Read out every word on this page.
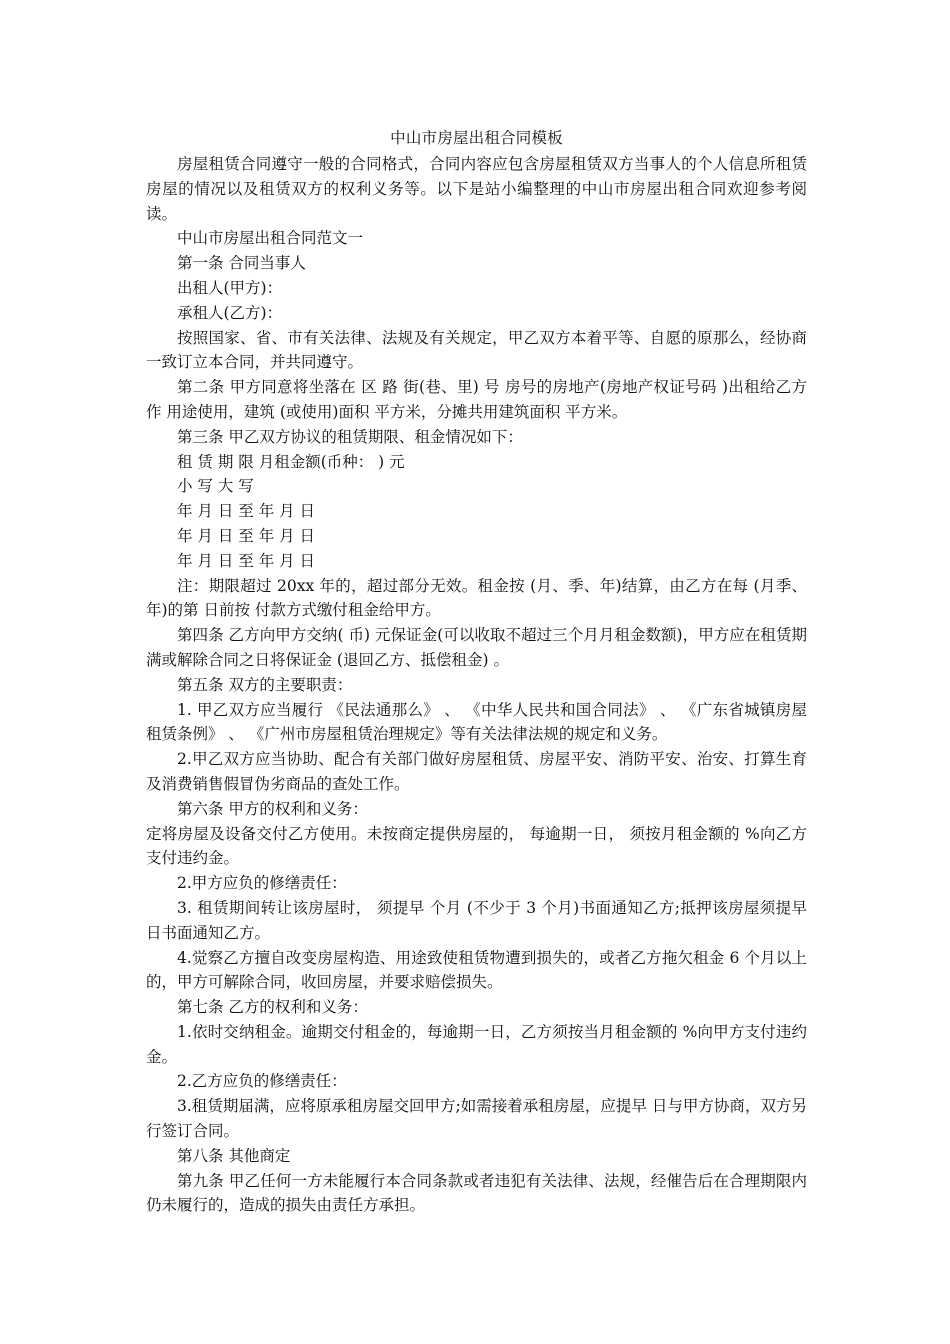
中山市房屋出租合同模板

房屋租赁合同遵守一般的合同格式，合同内容应包含房屋租赁双方当事人的个人信息所租赁房屋的情况以及租赁双方的权利义务等。以下是站小编整理的中山市房屋出租合同欢迎参考阅读。

中山市房屋出租合同范文一

第一条 合同当事人

出租人(甲方)：

承租人(乙方)：

按照国家、省、市有关法律、法规及有关规定，甲乙双方本着平等、自愿的原那么，经协商一致订立本合同，并共同遵守。

第二条 甲方同意将坐落在 区 路 街(巷、里) 号 房号的房地产(房地产权证号码 )出租给乙方作 用途使用，建筑 (或使用)面积 平方米，分摊共用建筑面积 平方米。

第三条 甲乙双方协议的租赁期限、租金情况如下：

租 赁 期 限 月租金额(币种： ) 元

小 写 大 写

年 月 日 至 年 月 日

年 月 日 至 年 月 日

年 月 日 至 年 月 日

注：期限超过 20xx 年的，超过部分无效。租金按 (月、季、年)结算，由乙方在每 (月季、年)的第 日前按 付款方式缴付租金给甲方。

第四条 乙方向甲方交纳( 币) 元保证金(可以收取不超过三个月月租金数额)，甲方应在租赁期满或解除合同之日将保证金 (退回乙方、抵偿租金) 。

第五条 双方的主要职责：

1. 甲乙双方应当履行 《民法通那么》 、 《中华人民共和国合同法》 、 《广东省城镇房屋租赁条例》 、 《广州市房屋租赁治理规定》等有关法律法规的规定和义务。

2.甲乙双方应当协助、配合有关部门做好房屋租赁、房屋平安、消防平安、治安、打算生育及消费销售假冒伪劣商品的查处工作。

第六条 甲方的权利和义务：

定将房屋及设备交付乙方使用。未按商定提供房屋的， 每逾期一日， 须按月租金额的 %向乙方支付违约金。

2.甲方应负的修缮责任：

3. 租赁期间转让该房屋时， 须提早 个月 (不少于 3 个月)书面通知乙方;抵押该房屋须提早 日书面通知乙方。

4.觉察乙方擅自改变房屋构造、用途致使租赁物遭到损失的，或者乙方拖欠租金 6 个月以上的，甲方可解除合同，收回房屋，并要求赔偿损失。

第七条 乙方的权利和义务：

1.依时交纳租金。逾期交付租金的，每逾期一日，乙方须按当月租金额的 %向甲方支付违约金。

2.乙方应负的修缮责任：

3.租赁期届满，应将原承租房屋交回甲方;如需接着承租房屋，应提早 日与甲方协商，双方另行签订合同。

第八条 其他商定

第九条 甲乙任何一方未能履行本合同条款或者违犯有关法律、法规，经催告后在合理期限内仍未履行的，造成的损失由责任方承担。
